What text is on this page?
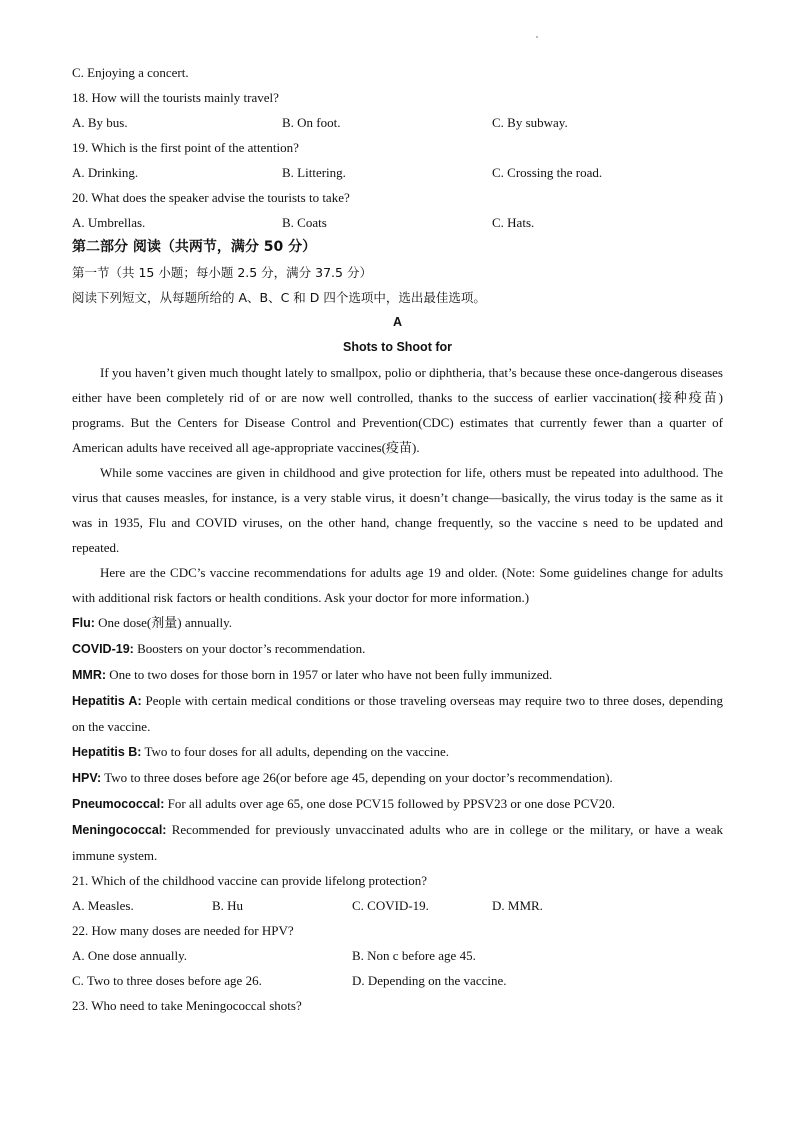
C. Enjoying a concert.
18. How will the tourists mainly travel?
A. By bus.	B. On foot.	C. By subway.
19. Which is the first point of the attention?
A. Drinking.	B. Littering.	C. Crossing the road.
20. What does the speaker advise the tourists to take?
A. Umbrellas.	B. Coats	C. Hats.
第二部分 阅读（共两节，满分 50 分）
第一节（共 15 小题；每小题 2.5 分，满分 37.5 分）
阅读下列短文，从每题所给的 A、B、C 和 D 四个选项中，选出最佳选项。
A
Shots to Shoot for

If you haven’t given much thought lately to smallpox, polio or diphtheria, that’s because these once-dangerous diseases either have been completely rid of or are now well controlled, thanks to the success of earlier vaccination(接种疫苗) programs. But the Centers for Disease Control and Prevention(CDC) estimates that currently fewer than a quarter of American adults have received all age-appropriate vaccines(疫苗).

While some vaccines are given in childhood and give protection for life, others must be repeated into adulthood. The virus that causes measles, for instance, is a very stable virus, it doesn’t change—basically, the virus today is the same as it was in 1935, Flu and COVID viruses, on the other hand, change frequently, so the vaccine s need to be updated and repeated.

Here are the CDC’s vaccine recommendations for adults age 19 and older. (Note: Some guidelines change for adults with additional risk factors or health conditions. Ask your doctor for more information.)

Flu: One dose(剂量) annually.

COVID-19: Boosters on your doctor’s recommendation.

MMR: One to two doses for those born in 1957 or later who have not been fully immunized.

Hepatitis A: People with certain medical conditions or those traveling overseas may require two to three doses, depending on the vaccine.

Hepatitis B: Two to four doses for all adults, depending on the vaccine.

HPV: Two to three doses before age 26(or before age 45, depending on your doctor’s recommendation).

Pneumococcal: For all adults over age 65, one dose PCV15 followed by PPSV23 or one dose PCV20.

Meningococcal: Recommended for previously unvaccinated adults who are in college or the military, or have a weak immune system.

21. Which of the childhood vaccine can provide lifelong protection?
A. Measles.	B. Hu	C. COVID-19.	D. MMR.
22. How many doses are needed for HPV?
A. One dose annually.	B. Non c before age 45.
C. Two to three doses before age 26.	D. Depending on the vaccine.
23. Who need to take Meningococcal shots?
